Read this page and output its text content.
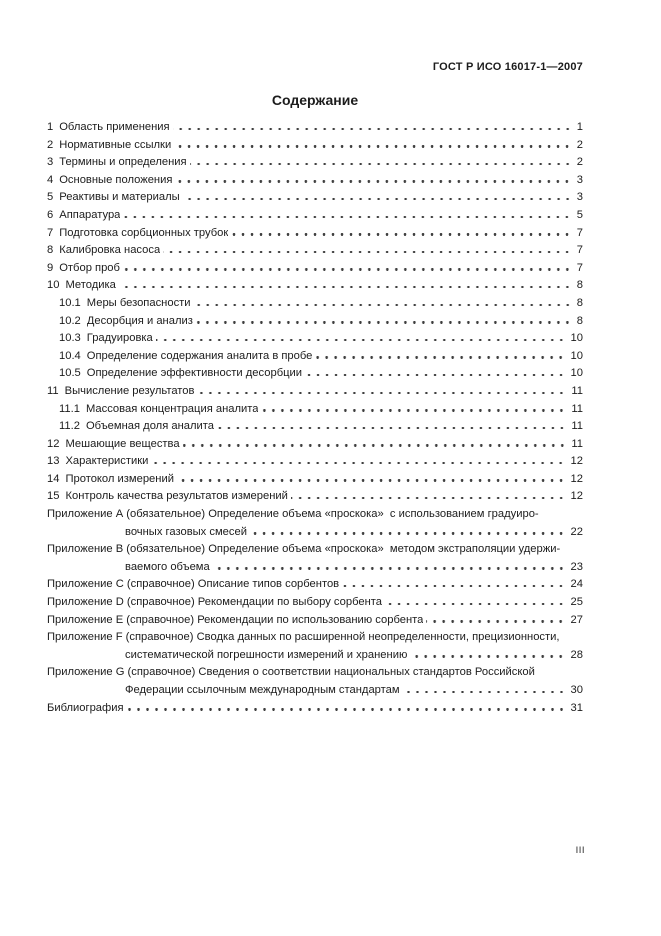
ГОСТ Р ИСО 16017-1—2007
Содержание
1 Область применения	1
2 Нормативные ссылки	2
3 Термины и определения	2
4 Основные положения	3
5 Реактивы и материалы	3
6 Аппаратура	5
7 Подготовка сорбционных трубок	7
8 Калибровка насоса	7
9 Отбор проб	7
10 Методика	8
10.1 Меры безопасности	8
10.2 Десорбция и анализ	8
10.3 Градуировка	10
10.4 Определение содержания аналита в пробе	10
10.5 Определение эффективности десорбции	10
11 Вычисление результатов	11
11.1 Массовая концентрация аналита	11
11.2 Объемная доля аналита	11
12 Мешающие вещества	11
13 Характеристики	12
14 Протокол измерений	12
15 Контроль качества результатов измерений	12
Приложение А (обязательное) Определение объема «проскока»  с использованием градуиро-
вочных газовых смесей	22
Приложение В (обязательное) Определение объема «проскока»  методом экстраполяции удержи-
ваемого объема	23
Приложение С (справочное) Описание типов сорбентов	24
Приложение D (справочное) Рекомендации по выбору сорбента	25
Приложение Е (справочное) Рекомендации по использованию сорбента	27
Приложение F (справочное) Сводка данных по расширенной неопределенности, прецизионности,
систематической погрешности измерений и хранению	28
Приложение G (справочное) Сведения о соответствии национальных стандартов Российской
Федерации ссылочным международным стандартам	30
Библиография	31
III
